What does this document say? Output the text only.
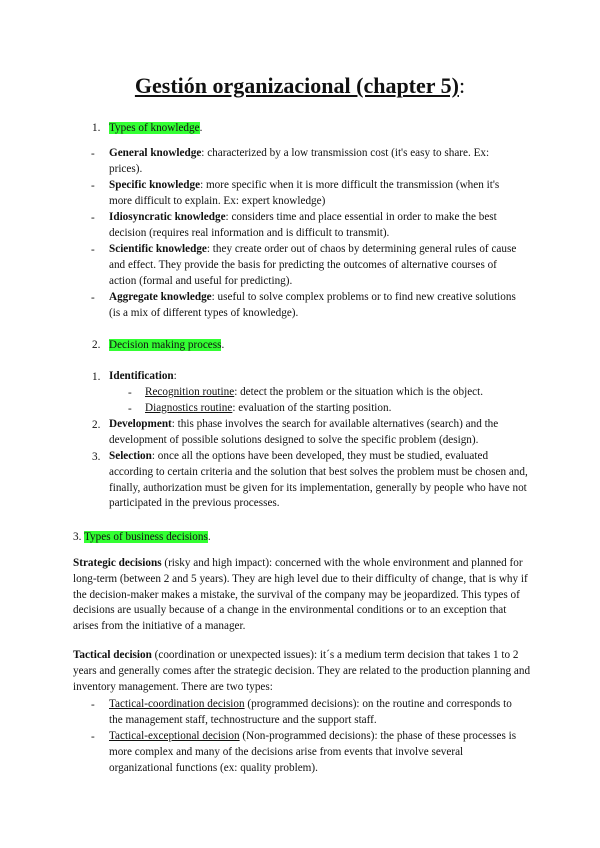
Gestión organizacional (chapter 5):
1. Types of knowledge.
- General knowledge: characterized by a low transmission cost (it's easy to share. Ex: prices).
- Specific knowledge: more specific when it is more difficult the transmission (when it's more difficult to explain. Ex: expert knowledge)
- Idiosyncratic knowledge: considers time and place essential in order to make the best decision (requires real information and is difficult to transmit).
- Scientific knowledge: they create order out of chaos by determining general rules of cause and effect. They provide the basis for predicting the outcomes of alternative courses of action (formal and useful for predicting).
- Aggregate knowledge: useful to solve complex problems or to find new creative solutions (is a mix of different types of knowledge).
2. Decision making process.
1. Identification:
- Recognition routine: detect the problem or the situation which is the object.
- Diagnostics routine: evaluation of the starting position.
2. Development: this phase involves the search for available alternatives (search) and the development of possible solutions designed to solve the specific problem (design).
3. Selection: once all the options have been developed, they must be studied, evaluated according to certain criteria and the solution that best solves the problem must be chosen and, finally, authorization must be given for its implementation, generally by people who have not participated in the previous processes.
3. Types of business decisions.
Strategic decisions (risky and high impact): concerned with the whole environment and planned for long-term (between 2 and 5 years). They are high level due to their difficulty of change, that is why if the decision-maker makes a mistake, the survival of the company may be jeopardized. This types of decisions are usually because of a change in the environmental conditions or to an exception that arises from the initiative of a manager.
Tactical decision (coordination or unexpected issues): it´s a medium term decision that takes 1 to 2 years and generally comes after the strategic decision. They are related to the production planning and inventory management. There are two types:
- Tactical-coordination decision (programmed decisions): on the routine and corresponds to the management staff, technostructure and the support staff.
- Tactical-exceptional decision (Non-programmed decisions): the phase of these processes is more complex and many of the decisions arise from events that involve several organizational functions (ex: quality problem).
